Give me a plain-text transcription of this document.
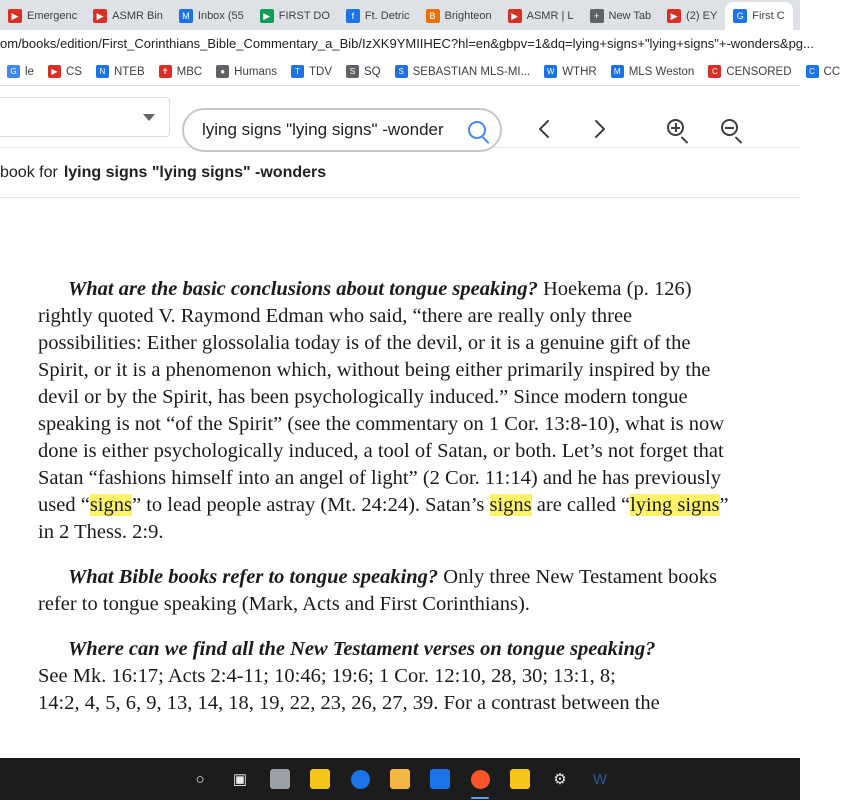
▶ Emergenc	▶ ASMR Bin	M Inbox (55	▶ FIRST DO	f Ft. Detric	B Brighteon	▶ ASMR | L	+ New Tab	▶ (2) EY	G First C
om/books/edition/First_Corinthians_Bible_Commentary_a_Bib/IzXK9YMIIHEC?hl=en&gbpv=1&dq=lying+signs+"lying+signs"+-wonders&pg...
G le	▶ CS	N NTEB	✝ MBC	● Humans	T TDV	S SQ	S SEBASTIAN MLS-MI...	W WTHR	M MLS Weston	C CENSORED	C CC
lying signs "lying signs" -wonder
book for lying signs "lying signs" -wonders

What are the basic conclusions about tongue speaking? Hoekema (p. 126) rightly quoted V. Raymond Edman who said, “there are really only three possibilities: Either glossolalia today is of the devil, or it is a genuine gift of the Spirit, or it is a phenomenon which, without being either primarily inspired by the devil or by the Spirit, has been psychologically induced.” Since modern tongue speaking is not “of the Spirit” (see the commentary on 1 Cor. 13:8-10), what is now done is either psychologically induced, a tool of Satan, or both. Let’s not forget that Satan “fashions himself into an angel of light” (2 Cor. 11:14) and he has previously used “signs” to lead people astray (Mt. 24:24). Satan’s signs are called “lying signs” in 2 Thess. 2:9.

What Bible books refer to tongue speaking? Only three New Testament books refer to tongue speaking (Mark, Acts and First Corinthians).

Where can we find all the New Testament verses on tongue speaking?
See Mk. 16:17; Acts 2:4-11; 10:46; 19:6; 1 Cor. 12:10, 28, 30; 13:1, 8;
14:2, 4, 5, 6, 9, 13, 14, 18, 19, 22, 23, 26, 27, 39. For a contrast between the

○	▣	⚙	W
